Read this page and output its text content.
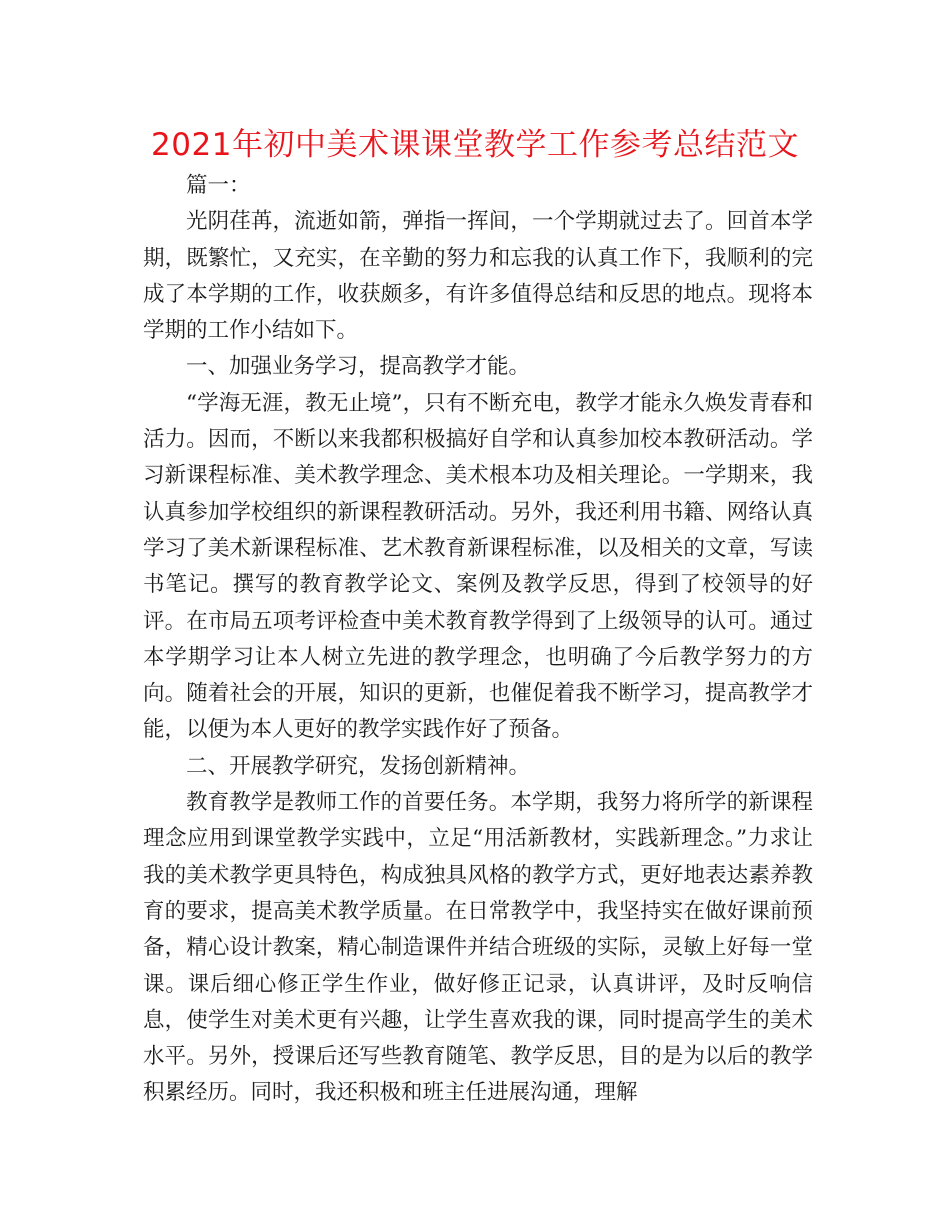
2021年初中美术课课堂教学工作参考总结范文

篇一：

光阴荏苒，流逝如箭，弹指一挥间，一个学期就过去了。回首本学期，既繁忙，又充实，在辛勤的努力和忘我的认真工作下，我顺利的完成了本学期的工作，收获颇多，有许多值得总结和反思的地点。现将本学期的工作小结如下。

一、加强业务学习，提高教学才能。

“学海无涯，教无止境”，只有不断充电，教学才能永久焕发青春和活力。因而，不断以来我都积极搞好自学和认真参加校本教研活动。学习新课程标准、美术教学理念、美术根本功及相关理论。一学期来，我认真参加学校组织的新课程教研活动。另外，我还利用书籍、网络认真学习了美术新课程标准、艺术教育新课程标准，以及相关的文章，写读书笔记。撰写的教育教学论文、案例及教学反思，得到了校领导的好评。在市局五项考评检查中美术教育教学得到了上级领导的认可。通过本学期学习让本人树立先进的教学理念，也明确了今后教学努力的方向。随着社会的开展，知识的更新，也催促着我不断学习，提高教学才能，以便为本人更好的教学实践作好了预备。

二、开展教学研究，发扬创新精神。

教育教学是教师工作的首要任务。本学期，我努力将所学的新课程理念应用到课堂教学实践中，立足“用活新教材，实践新理念。”力求让我的美术教学更具特色，构成独具风格的教学方式，更好地表达素养教育的要求，提高美术教学质量。在日常教学中，我坚持实在做好课前预备，精心设计教案，精心制造课件并结合班级的实际，灵敏上好每一堂课。课后细心修正学生作业，做好修正记录，认真讲评，及时反响信息，使学生对美术更有兴趣，让学生喜欢我的课，同时提高学生的美术水平。另外，授课后还写些教育随笔、教学反思，目的是为以后的教学积累经历。同时，我还积极和班主任进展沟通，理解
